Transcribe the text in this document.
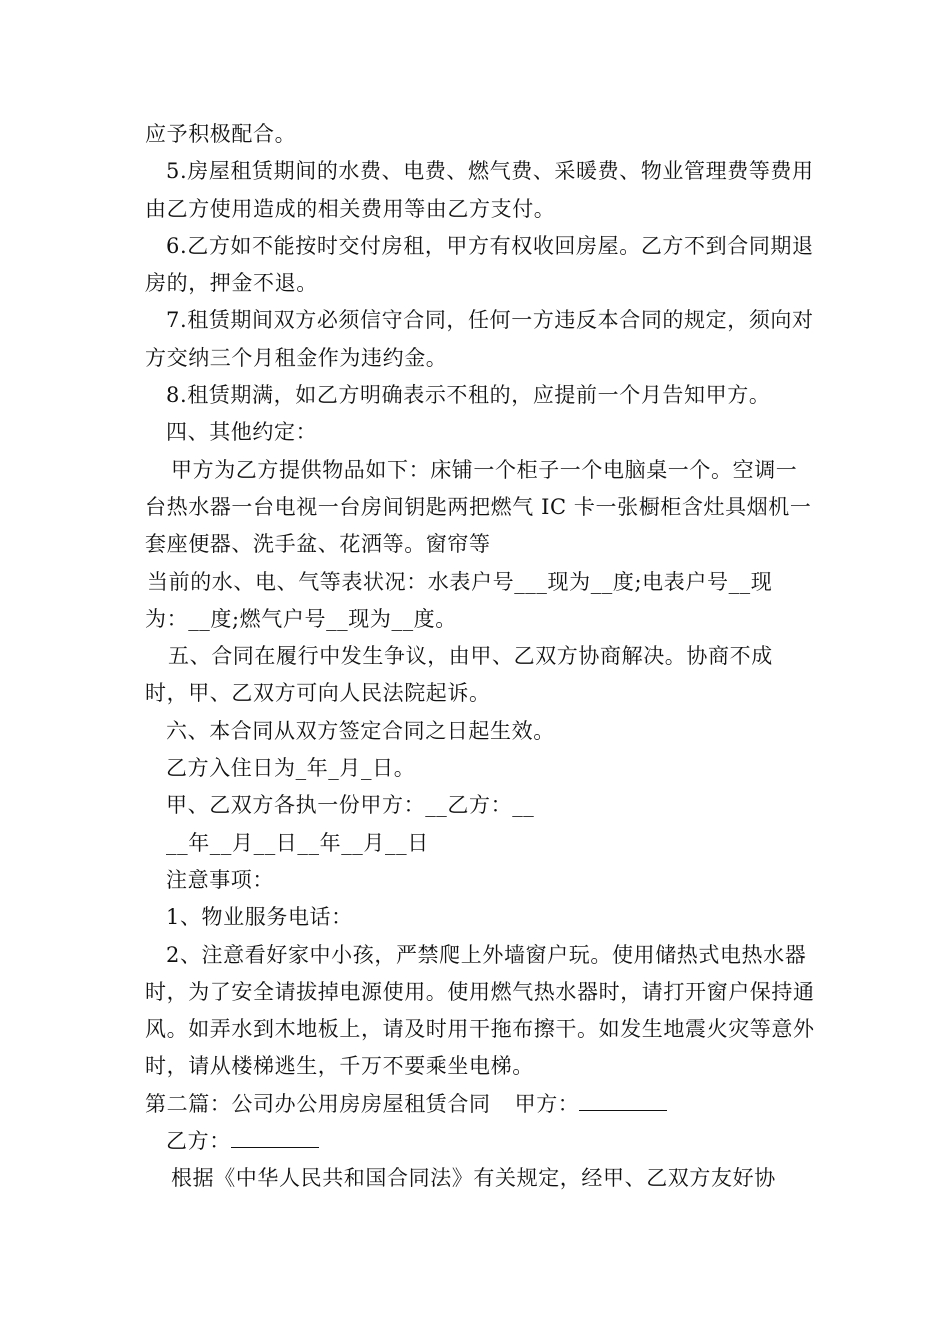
应予积极配合。

5.房屋租赁期间的水费、电费、燃气费、采暖费、物业管理费等费用由乙方使用造成的相关费用等由乙方支付。

6.乙方如不能按时交付房租，甲方有权收回房屋。乙方不到合同期退房的，押金不退。

7.租赁期间双方必须信守合同，任何一方违反本合同的规定，须向对方交纳三个月租金作为违约金。

8.租赁期满，如乙方明确表示不租的，应提前一个月告知甲方。

四、其他约定：

甲方为乙方提供物品如下：床铺一个柜子一个电脑桌一个。空调一台热水器一台电视一台房间钥匙两把燃气 IC 卡一张橱柜含灶具烟机一套座便器、洗手盆、花洒等。窗帘等

当前的水、电、气等表状况：水表户号___现为__度;电表户号__现为：__度;燃气户号__现为__度。

五、合同在履行中发生争议，由甲、乙双方协商解决。协商不成时，甲、乙双方可向人民法院起诉。

六、本合同从双方签定合同之日起生效。

乙方入住日为_年_月_日。

甲、乙双方各执一份甲方：__乙方：__

__年__月__日__年__月__日

注意事项：

1、物业服务电话：

2、注意看好家中小孩，严禁爬上外墙窗户玩。使用储热式电热水器时，为了安全请拔掉电源使用。使用燃气热水器时，请打开窗户保持通风。如弄水到木地板上，请及时用干拖布擦干。如发生地震火灾等意外时，请从楼梯逃生，千万不要乘坐电梯。

第二篇：公司办公用房房屋租赁合同 甲方：

乙方：

根据《中华人民共和国合同法》有关规定，经甲、乙双方友好协
